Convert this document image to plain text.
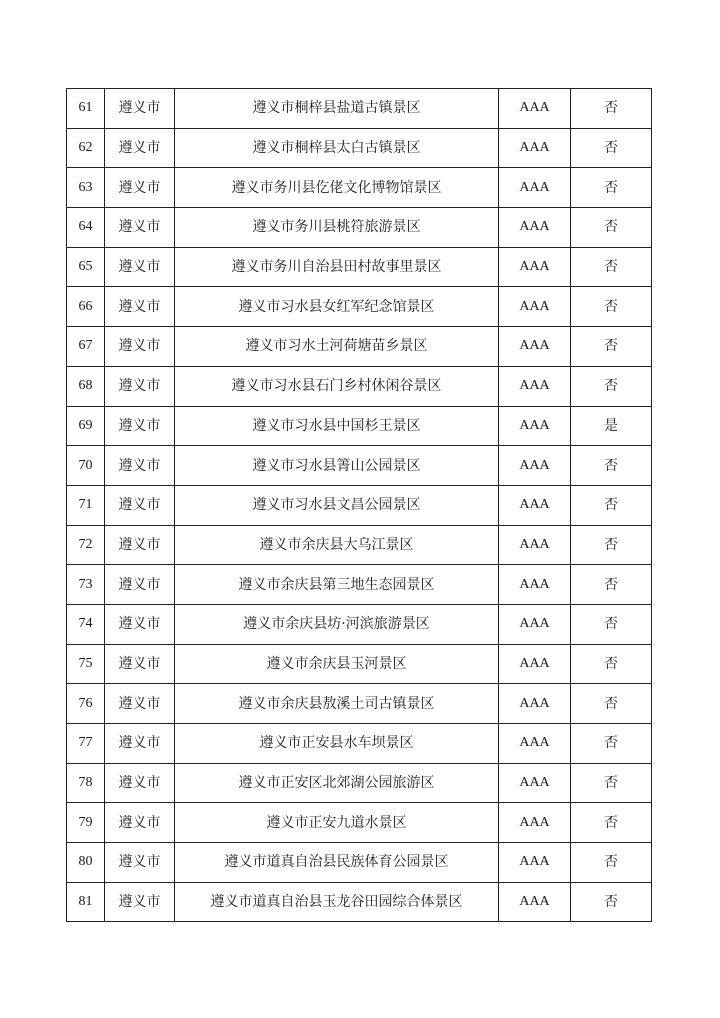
61	遵义市	遵义市桐梓县盐道古镇景区	AAA	否
62	遵义市	遵义市桐梓县太白古镇景区	AAA	否
63	遵义市	遵义市务川县仡佬文化博物馆景区	AAA	否
64	遵义市	遵义市务川县桃符旅游景区	AAA	否
65	遵义市	遵义市务川自治县田村故事里景区	AAA	否
66	遵义市	遵义市习水县女红军纪念馆景区	AAA	否
67	遵义市	遵义市习水土河荷塘苗乡景区	AAA	否
68	遵义市	遵义市习水县石门乡村休闲谷景区	AAA	否
69	遵义市	遵义市习水县中国杉王景区	AAA	是
70	遵义市	遵义市习水县箐山公园景区	AAA	否
71	遵义市	遵义市习水县文昌公园景区	AAA	否
72	遵义市	遵义市余庆县大乌江景区	AAA	否
73	遵义市	遵义市余庆县第三地生态园景区	AAA	否
74	遵义市	遵义市余庆县坊·河滨旅游景区	AAA	否
75	遵义市	遵义市余庆县玉河景区	AAA	否
76	遵义市	遵义市余庆县敖溪土司古镇景区	AAA	否
77	遵义市	遵义市正安县水车坝景区	AAA	否
78	遵义市	遵义市正安区北郊湖公园旅游区	AAA	否
79	遵义市	遵义市正安九道水景区	AAA	否
80	遵义市	遵义市道真自治县民族体育公园景区	AAA	否
81	遵义市	遵义市道真自治县玉龙谷田园综合体景区	AAA	否
